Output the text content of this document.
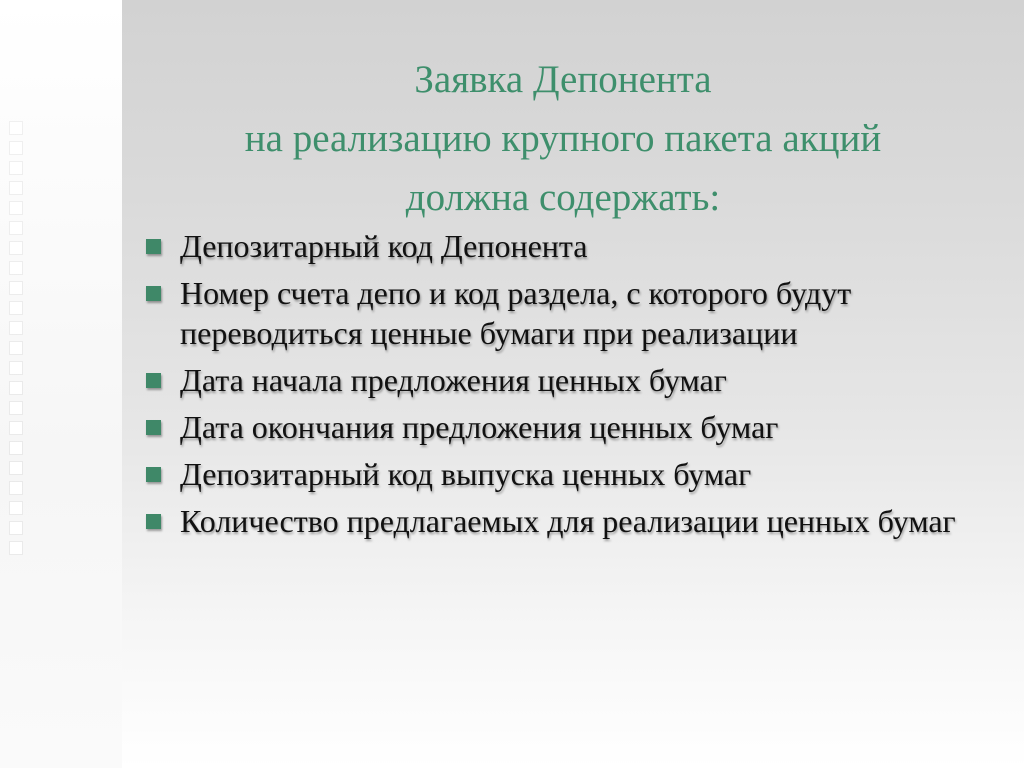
Заявка Депонента
на реализацию крупного пакета акций
должна содержать:
Депозитарный код Депонента
Номер счета депо и код раздела, с которого будут переводиться ценные бумаги при реализации
Дата начала предложения ценных бумаг
Дата окончания предложения ценных бумаг
Депозитарный код выпуска ценных бумаг
Количество предлагаемых для реализации ценных бумаг
